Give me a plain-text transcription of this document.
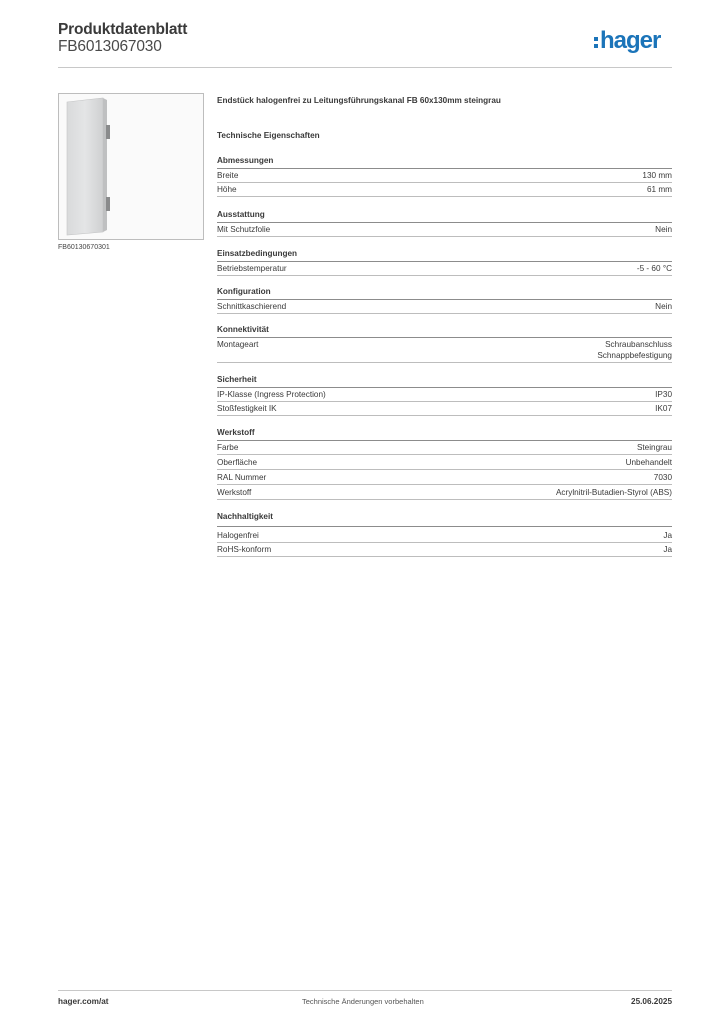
Produktdatenblatt
FB6013067030	hager
FB60130670301
Endstück halogenfrei zu Leitungsführungskanal FB 60x130mm steingrau
Technische Eigenschaften
Abmessungen
Breite	130 mm
Höhe	61 mm
Ausstattung
Mit Schutzfolie	Nein
Einsatzbedingungen
Betriebstemperatur	-5 - 60 °C
Konfiguration
Schnittkaschierend	Nein
Konnektivität
Montageart	Schraubanschluss
Schnappbefestigung
Sicherheit
IP-Klasse (Ingress Protection)	IP30
Stoßfestigkeit IK	IK07
Werkstoff
Farbe	Steingrau
Oberfläche	Unbehandelt
RAL Nummer	7030
Werkstoff	Acrylnitril-Butadien-Styrol (ABS)
Nachhaltigkeit
Halogenfrei	Ja
RoHS-konform	Ja
hager.com/at	Technische Änderungen vorbehalten	25.06.2025
